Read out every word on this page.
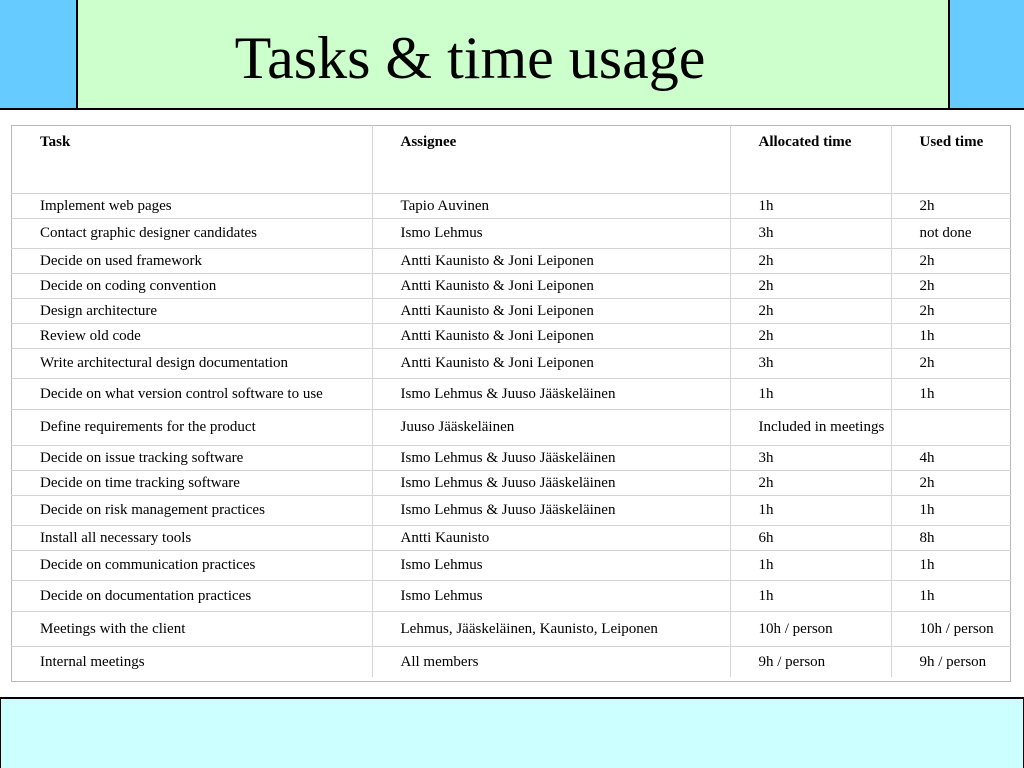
Tasks & time usage
Task	Assignee	Allocated time	Used time
Implement web pages	Tapio Auvinen	1h	2h
Contact graphic designer candidates	Ismo Lehmus	3h	not done
Decide on used framework	Antti Kaunisto & Joni Leiponen	2h	2h
Decide on coding convention	Antti Kaunisto & Joni Leiponen	2h	2h
Design architecture	Antti Kaunisto & Joni Leiponen	2h	2h
Review old code	Antti Kaunisto & Joni Leiponen	2h	1h
Write architectural design documentation	Antti Kaunisto & Joni Leiponen	3h	2h
Decide on what version control software to use	Ismo Lehmus & Juuso Jääskeläinen	1h	1h
Define requirements for the product	Juuso Jääskeläinen	Included in meetings	
Decide on issue tracking software	Ismo Lehmus & Juuso Jääskeläinen	3h	4h
Decide on time tracking software	Ismo Lehmus & Juuso Jääskeläinen	2h	2h
Decide on risk management practices	Ismo Lehmus & Juuso Jääskeläinen	1h	1h
Install all necessary tools	Antti Kaunisto	6h	8h
Decide on communication practices	Ismo Lehmus	1h	1h
Decide on documentation practices	Ismo Lehmus	1h	1h
Meetings with the client	Lehmus, Jääskeläinen, Kaunisto, Leiponen	10h / person	10h / person
Internal meetings	All members	9h / person	9h / person
